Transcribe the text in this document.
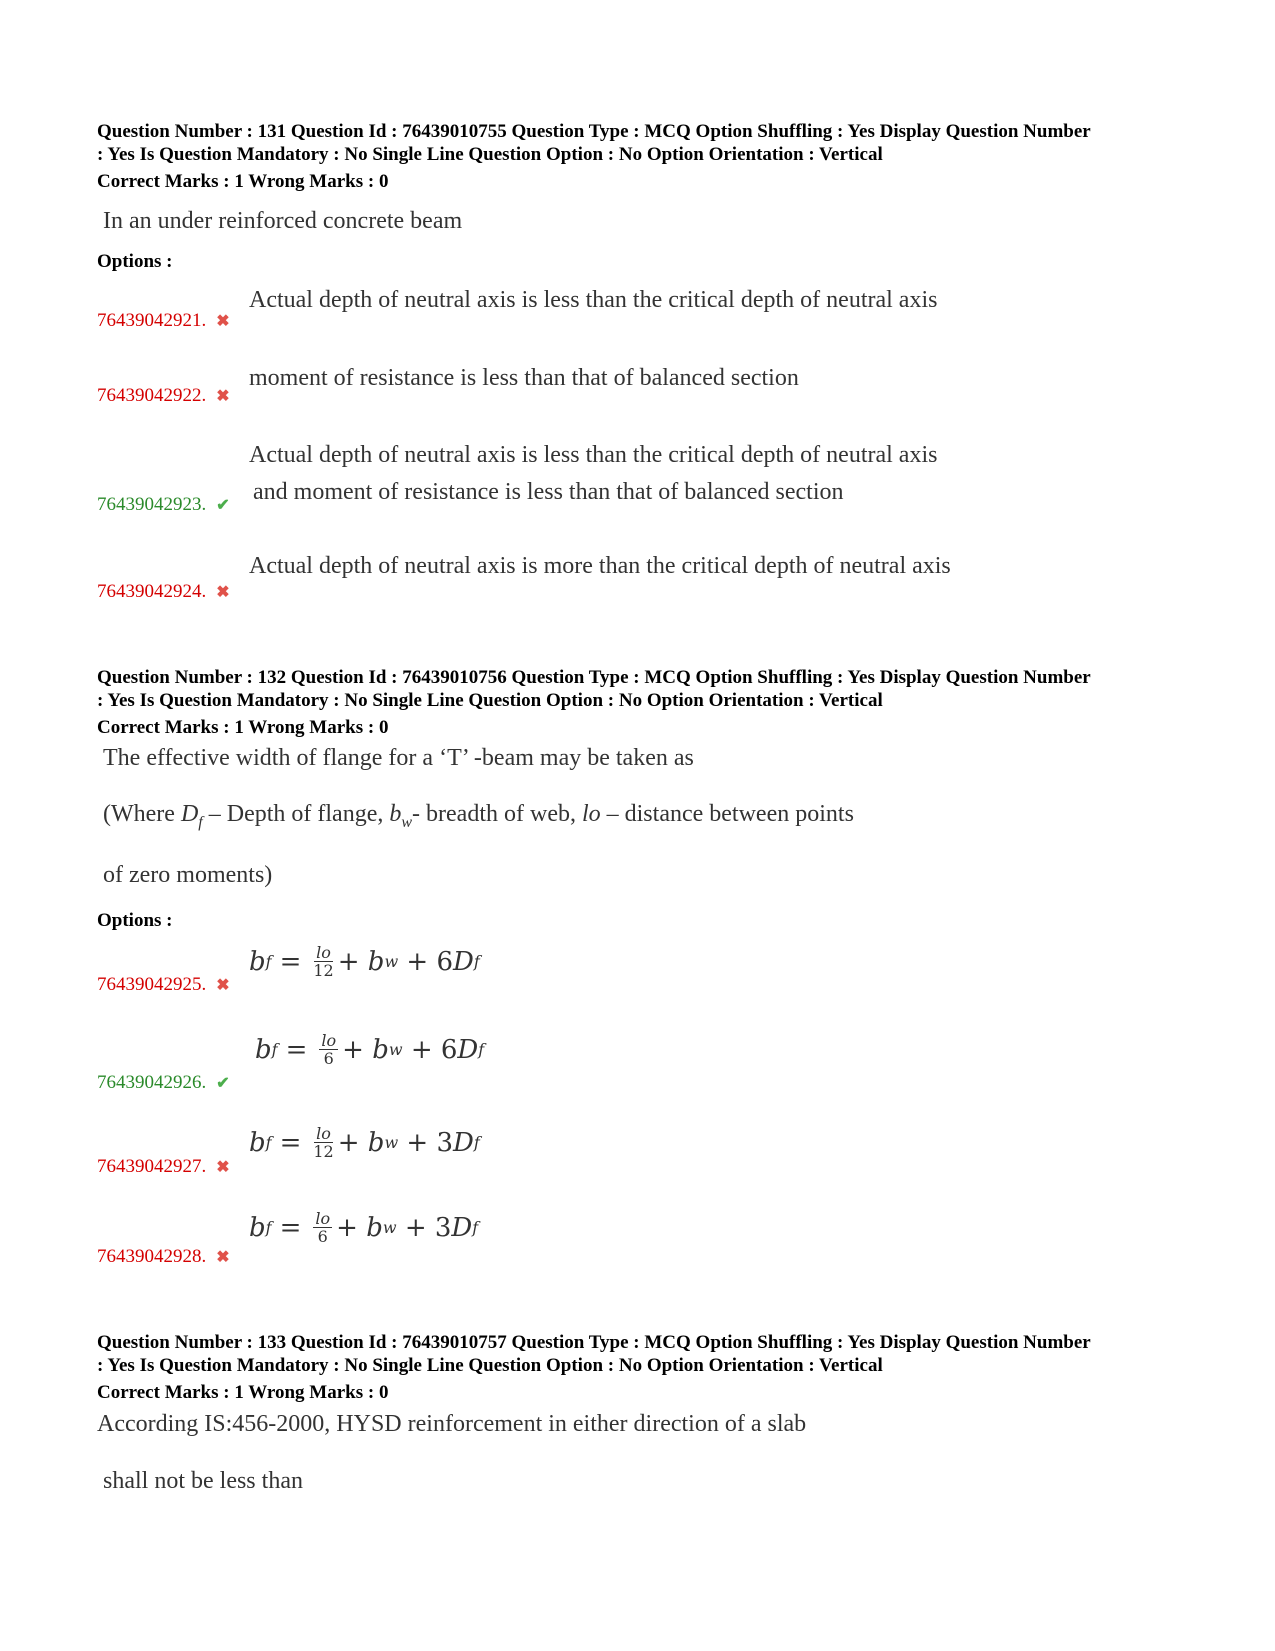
Question Number : 131 Question Id : 76439010755 Question Type : MCQ Option Shuffling : Yes Display Question Number
: Yes Is Question Mandatory : No Single Line Question Option : No Option Orientation : Vertical
Correct Marks : 1 Wrong Marks : 0
In an under reinforced concrete beam
Options :
Actual depth of neutral axis is less than the critical depth of neutral axis
76439042921. ✖
moment of resistance is less than that of balanced section
76439042922. ✖
Actual depth of neutral axis is less than the critical depth of neutral axis
and moment of resistance is less than that of balanced section
76439042923. ✔
Actual depth of neutral axis is more than the critical depth of neutral axis
76439042924. ✖
Question Number : 132 Question Id : 76439010756 Question Type : MCQ Option Shuffling : Yes Display Question Number
: Yes Is Question Mandatory : No Single Line Question Option : No Option Orientation : Vertical
Correct Marks : 1 Wrong Marks : 0
The effective width of flange for a ‘T’ -beam may be taken as
(Where $D_f$ – Depth of flange, $b_w-$ breadth of web, lo – distance between points
of zero moments)
Options :
b $f = \frac{lo}{12}$ +
b w
+
6 D f
76439042925. ✖
b $f = \frac{lo}{6}$ +
b w
+
6 D f
76439042926. ✔
b $f = \frac{lo}{12}$ +
b w
+
3 D f
76439042927. ✖
b $f = \frac{lo}{6}$ +
b w
+
3 D f
76439042928. ✖
Question Number : 133 Question Id : 76439010757 Question Type : MCQ Option Shuffling : Yes Display Question Number
: Yes Is Question Mandatory : No Single Line Question Option : No Option Orientation : Vertical
Correct Marks : 1 Wrong Marks : 0
According IS:456-2000, HYSD reinforcement in either direction of a slab
shall not be less than
